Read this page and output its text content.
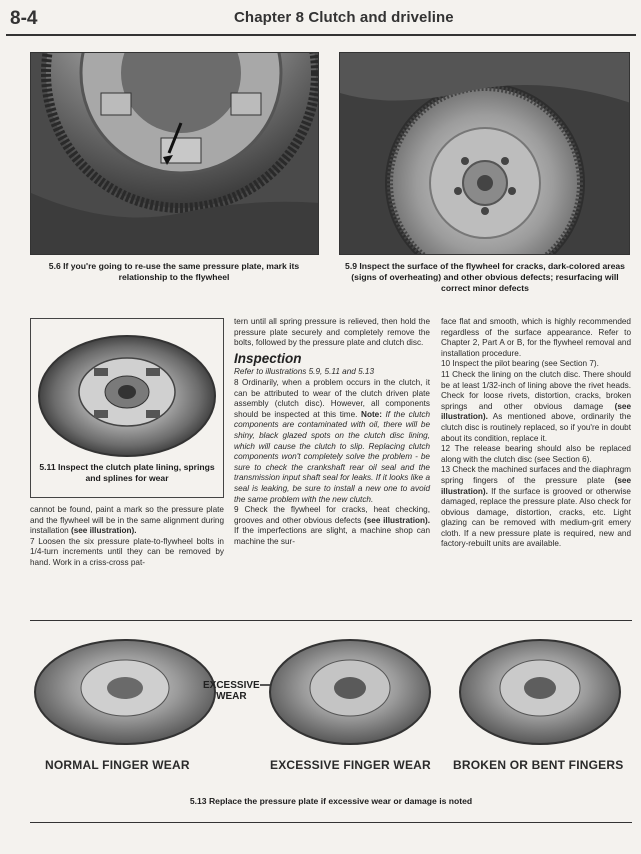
8-4	Chapter 8 Clutch and driveline
5.6 If you're going to re-use the same pressure plate, mark its relationship to the flywheel
5.9 Inspect the surface of the flywheel for cracks, dark-colored areas (signs of overheating) and other obvious defects; resurfacing will correct minor defects
5.11 Inspect the clutch plate lining, springs and splines for wear

cannot be found, paint a mark so the pressure plate and the flywheel will be in the same alignment during installation (see illustration).

7 Loosen the six pressure plate-to-flywheel bolts in 1/4-turn increments until they can be removed by hand. Work in a criss-cross pat-

tern until all spring pressure is relieved, then hold the pressure plate securely and completely remove the bolts, followed by the pressure plate and clutch disc.

Inspection

Refer to illustrations 5.9, 5.11 and 5.13

8 Ordinarily, when a problem occurs in the clutch, it can be attributed to wear of the clutch driven plate assembly (clutch disc). However, all components should be inspected at this time. Note: If the clutch components are contaminated with oil, there will be shiny, black glazed spots on the clutch disc lining, which will cause the clutch to slip. Replacing clutch components won't completely solve the problem - be sure to check the crankshaft rear oil seal and the transmission input shaft seal for leaks. If it looks like a seal is leaking, be sure to install a new one to avoid the same problem with the new clutch.

9 Check the flywheel for cracks, heat checking, grooves and other obvious defects (see illustration). If the imperfections are slight, a machine shop can machine the sur-

face flat and smooth, which is highly recommended regardless of the surface appearance. Refer to Chapter 2, Part A or B, for the flywheel removal and installation procedure.

10 Inspect the pilot bearing (see Section 7).

11 Check the lining on the clutch disc. There should be at least 1/32-inch of lining above the rivet heads. Check for loose rivets, distortion, cracks, broken springs and other obvious damage (see illustration). As mentioned above, ordinarily the clutch disc is routinely replaced, so if you're in doubt about its condition, replace it.

12 The release bearing should also be replaced along with the clutch disc (see Section 6).

13 Check the machined surfaces and the diaphragm spring fingers of the pressure plate (see illustration). If the surface is grooved or otherwise damaged, replace the pressure plate. Also check for obvious damage, distortion, cracks, etc. Light glazing can be removed with medium-grit emery cloth. If a new pressure plate is required, new and factory-rebuilt units are available.

EXCESSIVE
WEAR
NORMAL FINGER WEAR	EXCESSIVE FINGER WEAR BROKEN OR BENT FINGERS
5.13 Replace the pressure plate if excessive wear or damage is noted
